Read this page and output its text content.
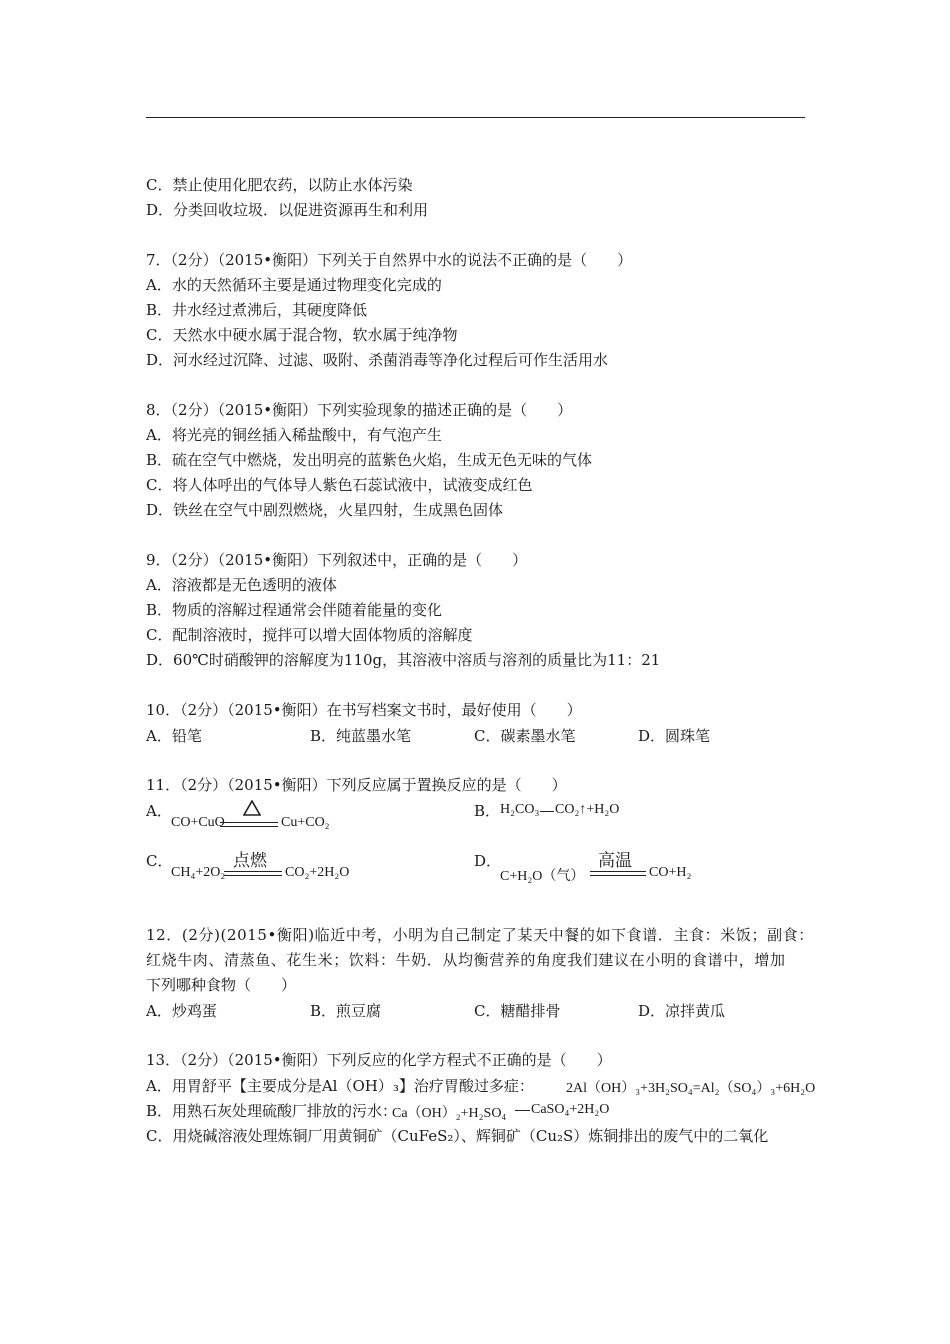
C．禁止使用化肥农药，以防止水体污染
D．分类回收垃圾．以促进资源再生和利用
7．（2分）（2015•衡阳）下列关于自然界中水的说法不正确的是（　　）
A．水的天然循环主要是通过物理变化完成的
B．井水经过煮沸后，其硬度降低
C．天然水中硬水属于混合物，软水属于纯净物
D．河水经过沉降、过滤、吸附、杀菌消毒等净化过程后可作生活用水
8．（2分）（2015•衡阳）下列实验现象的描述正确的是（　　）
A．将光亮的铜丝插入稀盐酸中，有气泡产生
B．硫在空气中燃烧，发出明亮的蓝紫色火焰，生成无色无味的气体
C．将人体呼出的气体导人紫色石蕊试液中，试液变成红色
D．铁丝在空气中剧烈燃烧，火星四射，生成黑色固体
9．（2分）（2015•衡阳）下列叙述中，正确的是（　　）
A．溶液都是无色透明的液体
B．物质的溶解过程通常会伴随着能量的变化
C．配制溶液时，搅拌可以增大固体物质的溶解度
D．60℃时硝酸钾的溶解度为110g，其溶液中溶质与溶剂的质量比为11：21
10．（2分）（2015•衡阳）在书写档案文书时，最好使用（　　）
A．铅笔	B．纯蓝墨水笔	C．碳素墨水笔	D．圆珠笔
11．（2分）（2015•衡阳）下列反应属于置换反应的是（　　）
A．
CO+CuO	Cu+CO₂
B． H₂CO₃ CO₂↑+H₂O
C．	点燃
CH₄+2O₂	CO₂+2H₂O
D．	高温
C+H₂O（气）	CO+H₂
12．(2分)(2015•衡阳)临近中考，小明为自己制定了某天中餐的如下食谱．主食：米饭；副食：
红烧牛肉、清蒸鱼、花生米；饮料：牛奶．从均衡营养的角度我们建议在小明的食谱中，增加
下列哪种食物（　　）
A．炒鸡蛋	B．煎豆腐	C．糖醋排骨	D．凉拌黄瓜
13．（2分）（2015•衡阳）下列反应的化学方程式不正确的是（　　）
A．用胃舒平【主要成分是Al（OH）₃】治疗胃酸过多症： 2Al（OH）₃+3H₂SO₄=Al₂（SO₄）₃+6H₂O
B．用熟石灰处理硫酸厂排放的污水：
Ca（OH）₂+H₂SO₄ CaSO₄+2H₂O
C．用烧碱溶液处理炼铜厂用黄铜矿（CuFeS₂）、辉铜矿（Cu₂S）炼铜排出的废气中的二氧化
